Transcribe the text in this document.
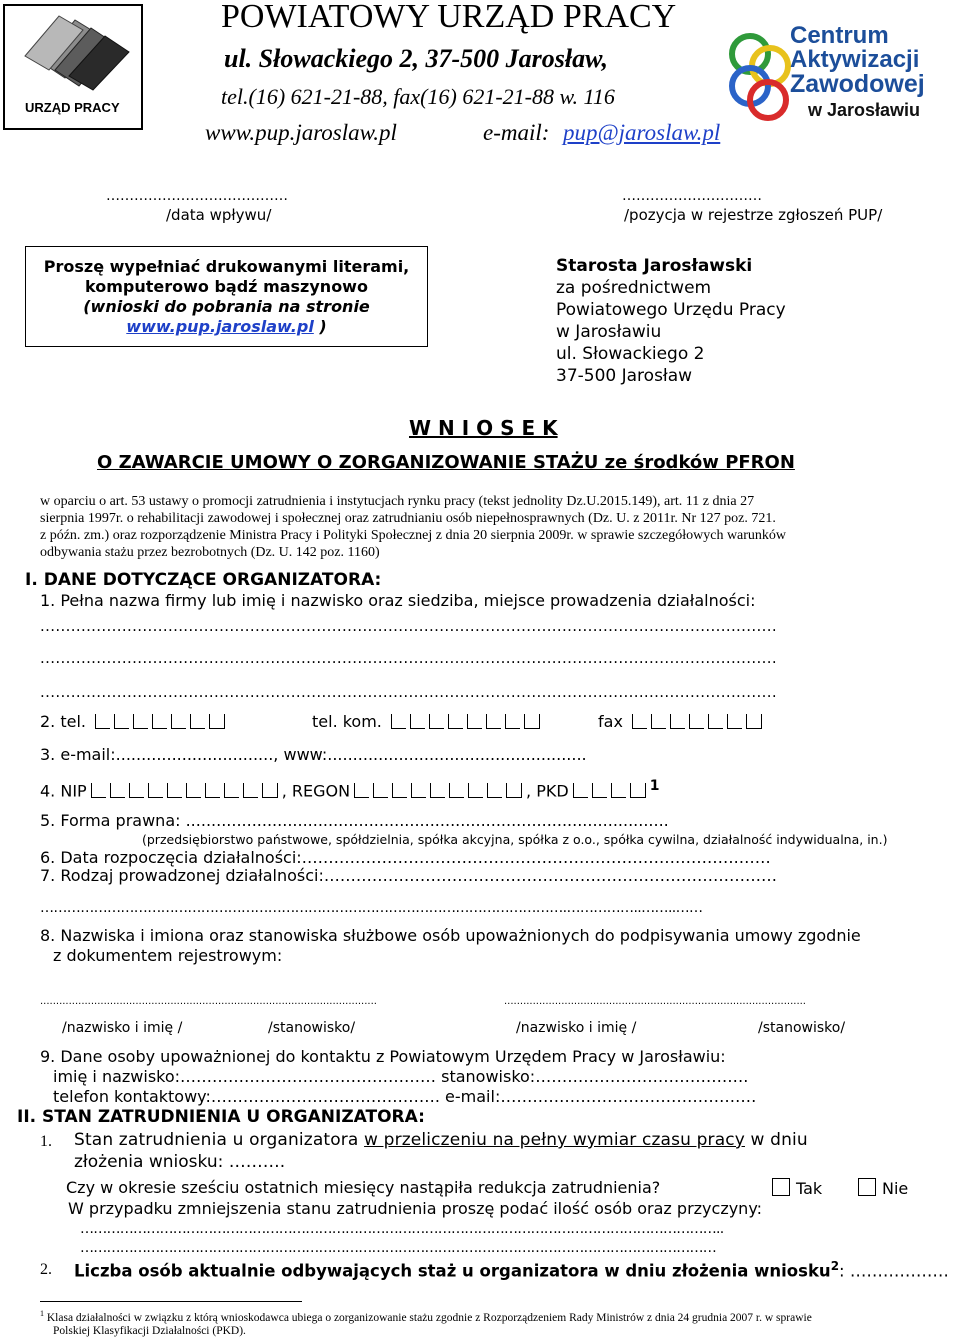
URZĄD PRACY
POWIATOWY URZĄD PRACY
ul. Słowackiego 2, 37-500 Jarosław,
tel.(16) 621-21-88, fax(16) 621-21-88 w. 116
www.pup.jaroslaw.pl	e-mail: pup@jaroslaw.pl
Centrum
Aktywizacji
Zawodowej
w Jarosławiu
…………………………………
/data wpływu/
…………………………
/pozycja w rejestrze zgłoszeń PUP/
Proszę wypełniać drukowanymi literami,
komputerowo bądź maszynowo
(wnioski do pobrania na stronie
www.pup.jaroslaw.pl )
Starosta Jarosławski
za pośrednictwem
Powiatowego Urzędu Pracy
w Jarosławiu
ul. Słowackiego 2
37-500 Jarosław
W N I O S E K
O ZAWARCIE UMOWY O ZORGANIZOWANIE STAŻU ze środków PFRON
w oparciu o art. 53 ustawy o promocji zatrudnienia i instytucjach rynku pracy (tekst jednolity Dz.U.2015.149), art. 11 z dnia 27
sierpnia 1997r. o rehabilitacji zawodowej i społecznej oraz zatrudnianiu osób niepełnosprawnych (Dz. U. z 2011r. Nr 127 poz. 721.
z późn. zm.) oraz rozporządzenie Ministra Pracy i Polityki Społecznej z dnia 20 sierpnia 2009r. w sprawie szczegółowych warunków
odbywania stażu przez bezrobotnych (Dz. U. 142 poz. 1160)
I. DANE DOTYCZĄCE ORGANIZATORA:
1. Pełna nazwa firmy lub imię i nazwisko oraz siedziba, miejsce prowadzenia działalności:
................................................................................................................................................
................................................................................................................................................
................................................................................................................................................
2. tel.	tel. kom.	fax
3. e-mail:..............................., www:...................................................
4. NIP	, REGON	, PKD	$^1$
5. Forma prawna: ...............................................................................................
(przedsiębiorstwo państwowe, spółdzielnia, spółka akcyjna, spółka z o.o., spółka cywilna, działalność indywidualna, in.)
6. Data rozpoczęcia działalności:……………………………………………………………………….……
7. Rodzaj prowadzonej działalności:…………………………………………….……………………………
……………………………………………………………………………………………………….……………..……..……
8. Nazwiska i imiona oraz stanowiska służbowe osób upoważnionych do podpisywania umowy zgodnie
z dokumentem rejestrowym:
..........................................................................................................	...............................................................................................
/nazwisko i imię /	/stanowisko/	/nazwisko i imię /	/stanowisko/
9. Dane osoby upoważnionej do kontaktu z Powiatowym Urzędem Pracy w Jarosławiu:
imię i nazwisko:………………………………………… stanowisko:………………………………….
telefon kontaktowy:……………………………………. e-mail:…………………………………………
II. STAN ZATRUDNIENIA U ORGANIZATORA:
1. Stan zatrudnienia u organizatora w przeliczeniu na pełny wymiar czasu pracy w dniu
złożenia wniosku: ……….
Czy w okresie sześciu ostatnich miesięcy nastąpiła redukcja zatrudnienia?	Tak	Nie
W przypadku zmniejszenia stanu zatrudnienia proszę podać ilość osób oraz przyczyny:
………………………………………………………………………………………………………………………………..
………………………………………………………………………………………………………………………………
2. Liczba osób aktualnie odbywających staż u organizatora w dniu złożenia wniosku$^2$: ………………
$^1$ Klasa działalności w związku z którą wnioskodawca ubiega o zorganizowanie stażu zgodnie z Rozporządzeniem Rady Ministrów z dnia 24 grudnia 2007 r. w sprawie
Polskiej Klasyfikacji Działalności (PKD).
